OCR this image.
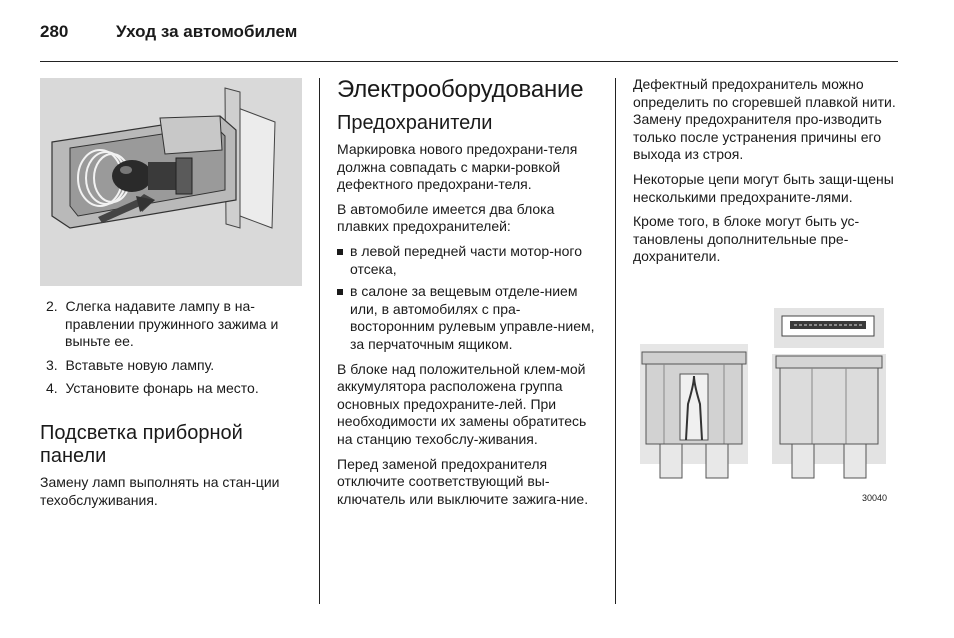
280	Уход за автомобилем
2. Слегка надавите лампу в на-правлении пружинного зажима и выньте ее.
3. Вставьте новую лампу.
4. Установите фонарь на место.
Подсветка приборной панели

Замену ламп выполнять на стан-ции техобслуживания.

Электрооборудование
Предохранители

Маркировка нового предохрани-теля должна совпадать с марки-ровкой дефектного предохрани-теля.

В автомобиле имеется два блока плавких предохранителей:

в левой передней части мотор-ного отсека,
в салоне за вещевым отделе-нием или, в автомобилях с пра-восторонним рулевым управле-нием, за перчаточным ящиком.

В блоке над положительной клем-мой аккумулятора расположена группа основных предохраните-лей. При необходимости их замены обратитесь на станцию техобслу-живания.

Перед заменой предохранителя отключите соответствующий вы-ключатель или выключите зажига-ние.

Дефектный предохранитель можно определить по сгоревшей плавкой нити. Замену предохранителя про-изводить только после устранения причины его выхода из строя.

Некоторые цепи могут быть защи-щены несколькими предохраните-лями.

Кроме того, в блоке могут быть ус-тановлены дополнительные пре-дохранители.

30040
